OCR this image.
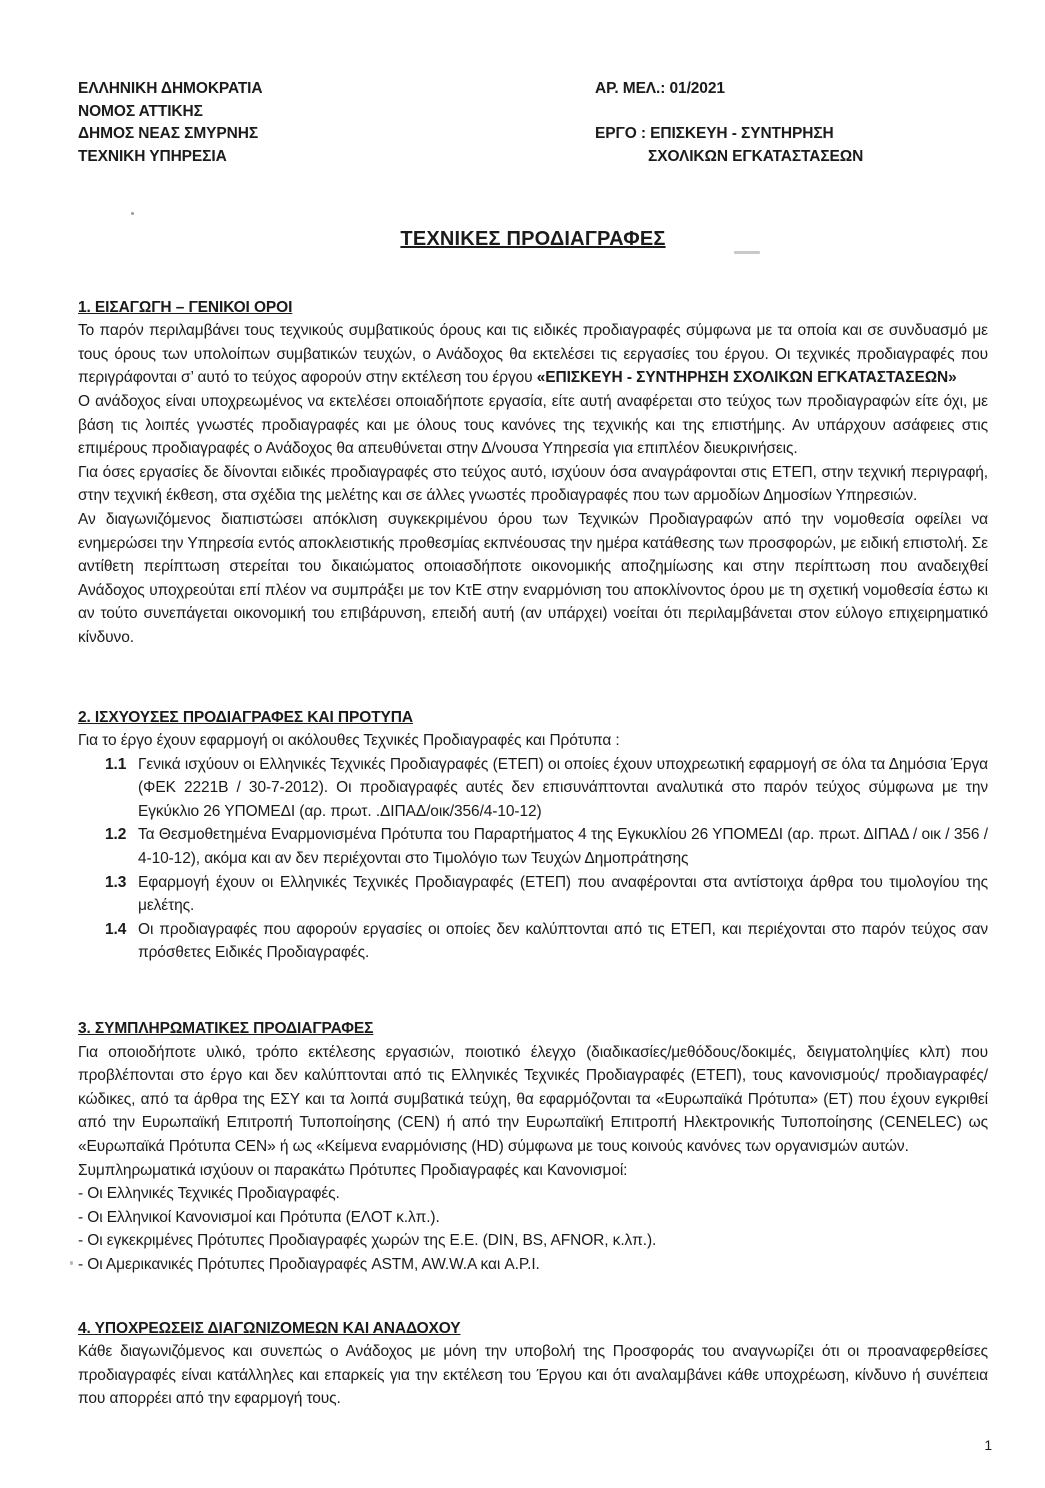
ΕΛΛΗΝΙΚΗ ΔΗΜΟΚΡΑΤΙΑ
ΝΟΜΟΣ ΑΤΤΙΚΗΣ
ΔΗΜΟΣ ΝΕΑΣ ΣΜΥΡΝΗΣ
ΤΕΧΝΙΚΗ ΥΠΗΡΕΣΙΑ
ΑΡ. ΜΕΛ.: 01/2021
ΕΡΓΟ : ΕΠΙΣΚΕΥΗ - ΣΥΝΤΗΡΗΣΗ
ΣΧΟΛΙΚΩΝ ΕΓΚΑΤΑΣΤΑΣΕΩΝ
ΤΕΧΝΙΚΕΣ ΠΡΟΔΙΑΓΡΑΦΕΣ
1. ΕΙΣΑΓΩΓΗ – ΓΕΝΙΚΟΙ ΟΡΟΙ
Το παρόν περιλαμβάνει τους τεχνικούς συμβατικούς όρους και τις ειδικές προδιαγραφές σύμφωνα με τα οποία και σε συνδυασμό με τους όρους των υπολοίπων συμβατικών τευχών, ο Ανάδοχος θα εκτελέσει τις εεργασίες του έργου. Οι τεχνικές προδιαγραφές που περιγράφονται σ’ αυτό το τεύχος αφορούν στην εκτέλεση του έργου «ΕΠΙΣΚΕΥΗ - ΣΥΝΤΗΡΗΣΗ ΣΧΟΛΙΚΩΝ ΕΓΚΑΤΑΣΤΑΣΕΩΝ»
Ο ανάδοχος είναι υποχρεωμένος να εκτελέσει οποιαδήποτε εργασία, είτε αυτή αναφέρεται στο τεύχος των προδιαγραφών είτε όχι, με βάση τις λοιπές γνωστές προδιαγραφές και με όλους τους κανόνες της τεχνικής και της επιστήμης. Αν υπάρχουν ασάφειες στις επιμέρους προδιαγραφές ο Ανάδοχος θα απευθύνεται στην Δ/νουσα Υπηρεσία για επιπλέον διευκρινήσεις.
Για όσες εργασίες δε δίνονται ειδικές προδιαγραφές στο τεύχος αυτό, ισχύουν όσα αναγράφονται στις ΕΤΕΠ, στην τεχνική περιγραφή, στην τεχνική έκθεση, στα σχέδια της μελέτης και σε άλλες γνωστές προδιαγραφές που των αρμοδίων Δημοσίων Υπηρεσιών.
Αν διαγωνιζόμενος διαπιστώσει απόκλιση συγκεκριμένου όρου των Τεχνικών Προδιαγραφών από την νομοθεσία οφείλει να ενημερώσει την Υπηρεσία εντός αποκλειστικής προθεσμίας εκπνέουσας την ημέρα κατάθεσης των προσφορών, με ειδική επιστολή. Σε αντίθετη περίπτωση στερείται του δικαιώματος οποιασδήποτε οικονομικής αποζημίωσης και στην περίπτωση που αναδειχθεί Ανάδοχος υποχρεούται επί πλέον να συμπράξει με τον ΚτΕ στην εναρμόνιση του αποκλίνοντος όρου με τη σχετική νομοθεσία έστω κι αν τούτο συνεπάγεται οικονομική του επιβάρυνση, επειδή αυτή (αν υπάρχει) νοείται ότι περιλαμβάνεται στον εύλογο επιχειρηματικό κίνδυνο.
2. ΙΣΧΥΟΥΣΕΣ ΠΡΟΔΙΑΓΡΑΦΕΣ ΚΑΙ ΠΡΟΤΥΠΑ
Για το έργο έχουν εφαρμογή οι ακόλουθες Τεχνικές Προδιαγραφές και Πρότυπα :
1.1 Γενικά ισχύουν οι Ελληνικές Τεχνικές Προδιαγραφές (ΕΤΕΠ) οι οποίες έχουν υποχρεωτική εφαρμογή σε όλα τα Δημόσια Έργα (ΦΕΚ 2221Β / 30-7-2012). Οι προδιαγραφές αυτές δεν επισυνάπτονται αναλυτικά στο παρόν τεύχος σύμφωνα με την Εγκύκλιο 26 ΥΠΟΜΕΔΙ (αρ. πρωτ. .ΔΙΠΑΔ/οικ/356/4-10-12)
1.2 Τα Θεσμοθετημένα Εναρμονισμένα Πρότυπα του Παραρτήματος 4 της Εγκυκλίου 26 ΥΠΟΜΕΔΙ (αρ. πρωτ. ΔΙΠΑΔ / οικ / 356 / 4-10-12), ακόμα και αν δεν περιέχονται στο Τιμολόγιο των Τευχών Δημοπράτησης
1.3 Εφαρμογή έχουν οι Ελληνικές Τεχνικές Προδιαγραφές (ΕΤΕΠ) που αναφέρονται στα αντίστοιχα άρθρα του τιμολογίου της μελέτης.
1.4 Οι προδιαγραφές που αφορούν εργασίες οι οποίες δεν καλύπτονται από τις ΕΤΕΠ, και περιέχονται στο παρόν τεύχος σαν πρόσθετες Ειδικές Προδιαγραφές.
3. ΣΥΜΠΛΗΡΩΜΑΤΙΚΕΣ ΠΡΟΔΙΑΓΡΑΦΕΣ
Για οποιοδήποτε υλικό, τρόπο εκτέλεσης εργασιών, ποιοτικό έλεγχο (διαδικασίες/μεθόδους/δοκιμές, δειγματοληψίες κλπ) που προβλέπονται στο έργο και δεν καλύπτονται από τις Ελληνικές Τεχνικές Προδιαγραφές (ΕΤΕΠ), τους κανονισμούς/ προδιαγραφές/κώδικες, από τα άρθρα της ΕΣΥ και τα λοιπά συμβατικά τεύχη, θα εφαρμόζονται τα «Ευρωπαϊκά Πρότυπα» (ΕΤ) που έχουν εγκριθεί από την Ευρωπαϊκή Επιτροπή Τυποποίησης (CEN) ή από την Ευρωπαϊκή Επιτροπή Ηλεκτρονικής Τυποποίησης (CENELEC) ως «Ευρωπαϊκά Πρότυπα CEN» ή ως «Κείμενα εναρμόνισης (HD) σύμφωνα με τους κοινούς κανόνες των οργανισμών αυτών.
Συμπληρωματικά ισχύουν οι παρακάτω Πρότυπες Προδιαγραφές και Κανονισμοί:
- Οι Ελληνικές Τεχνικές Προδιαγραφές.
- Οι Ελληνικοί Κανονισμοί και Πρότυπα (ΕΛΟΤ κ.λπ.).
- Οι εγκεκριμένες Πρότυπες Προδιαγραφές χωρών της Ε.Ε. (DIN, BS, AFNOR, κ.λπ.).
- Οι Αμερικανικές Πρότυπες Προδιαγραφές ASTM, AW.W.A και A.P.I.
4. ΥΠΟΧΡΕΩΣΕΙΣ ΔΙΑΓΩΝΙΖΟΜΕΩΝ ΚΑΙ ΑΝΑΔΟΧΟΥ
Κάθε διαγωνιζόμενος και συνεπώς ο Ανάδοχος με μόνη την υποβολή της Προσφοράς του αναγνωρίζει ότι οι προαναφερθείσες προδιαγραφές είναι κατάλληλες και επαρκείς για την εκτέλεση του Έργου και ότι αναλαμβάνει κάθε υποχρέωση, κίνδυνο ή συνέπεια που απορρέει από την εφαρμογή τους.
1
